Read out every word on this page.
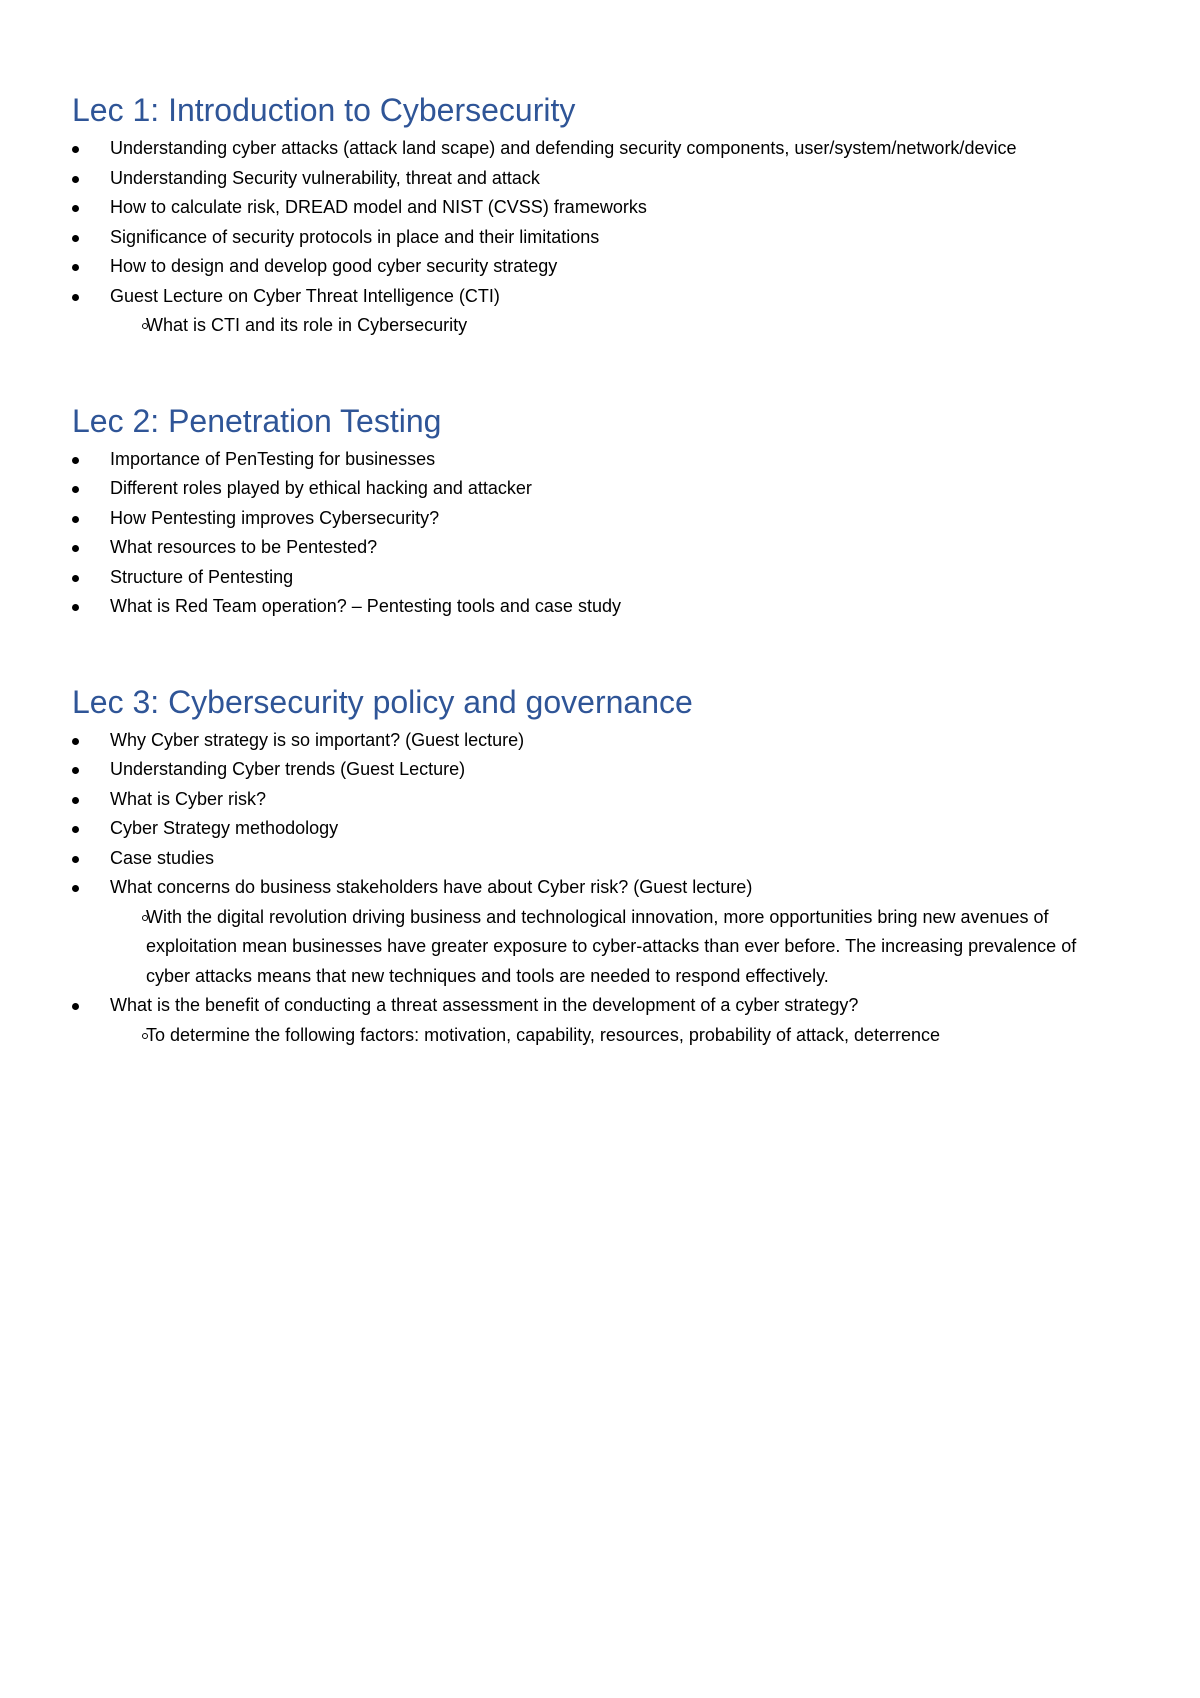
Lec 1: Introduction to Cybersecurity
Understanding cyber attacks (attack land scape) and defending security components, user/system/network/device
Understanding Security vulnerability, threat and attack
How to calculate risk, DREAD model and NIST (CVSS) frameworks
Significance of security protocols in place and their limitations
How to design and develop good cyber security strategy
Guest Lecture on Cyber Threat Intelligence (CTI)
What is CTI and its role in Cybersecurity
Lec 2: Penetration Testing
Importance of PenTesting for businesses
Different roles played by ethical hacking and attacker
How Pentesting improves Cybersecurity?
What resources to be Pentested?
Structure of Pentesting
What is Red Team operation? – Pentesting tools and case study
Lec 3: Cybersecurity policy and governance
Why Cyber strategy is so important? (Guest lecture)
Understanding Cyber trends (Guest Lecture)
What is Cyber risk?
Cyber Strategy methodology
Case studies
What concerns do business stakeholders have about Cyber risk? (Guest lecture)
With the digital revolution driving business and technological innovation, more opportunities bring new avenues of exploitation mean businesses have greater exposure to cyber-attacks than ever before. The increasing prevalence of cyber attacks means that new techniques and tools are needed to respond effectively.
What is the benefit of conducting a threat assessment in the development of a cyber strategy?
To determine the following factors: motivation, capability, resources, probability of attack, deterrence
